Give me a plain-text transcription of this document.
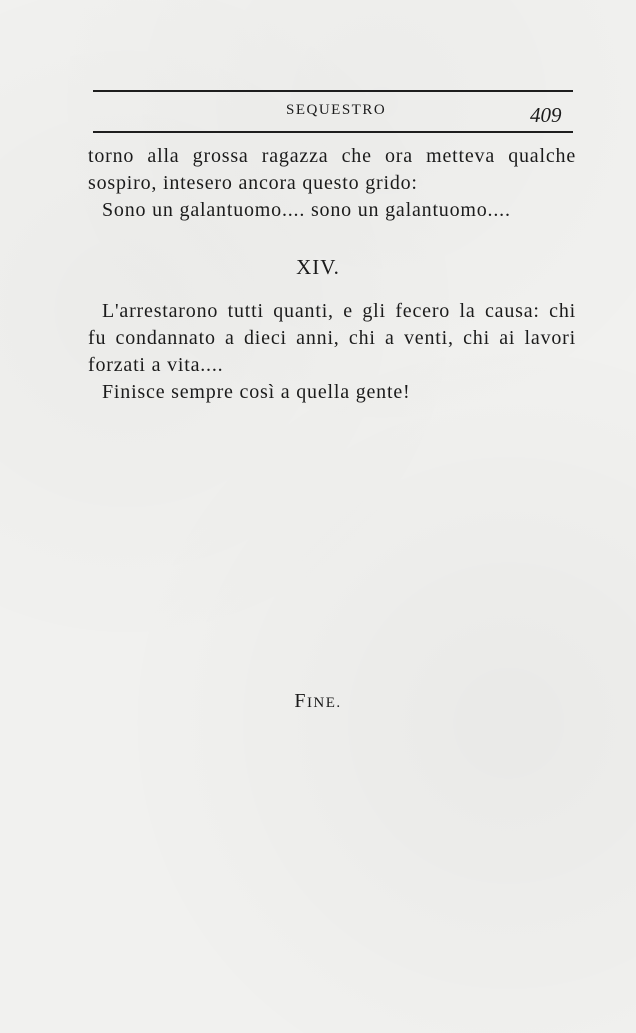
SEQUESTRO	409
torno alla grossa ragazza che ora metteva qualche
sospiro, intesero ancora questo grido:
Sono un galantuomo.... sono un galantuomo....
XIV.
L'arrestarono tutti quanti, e gli fecero la causa: chi
fu condannato a dieci anni, chi a venti, chi ai lavori
forzati a vita....
Finisce sempre così a quella gente!
FINE.
